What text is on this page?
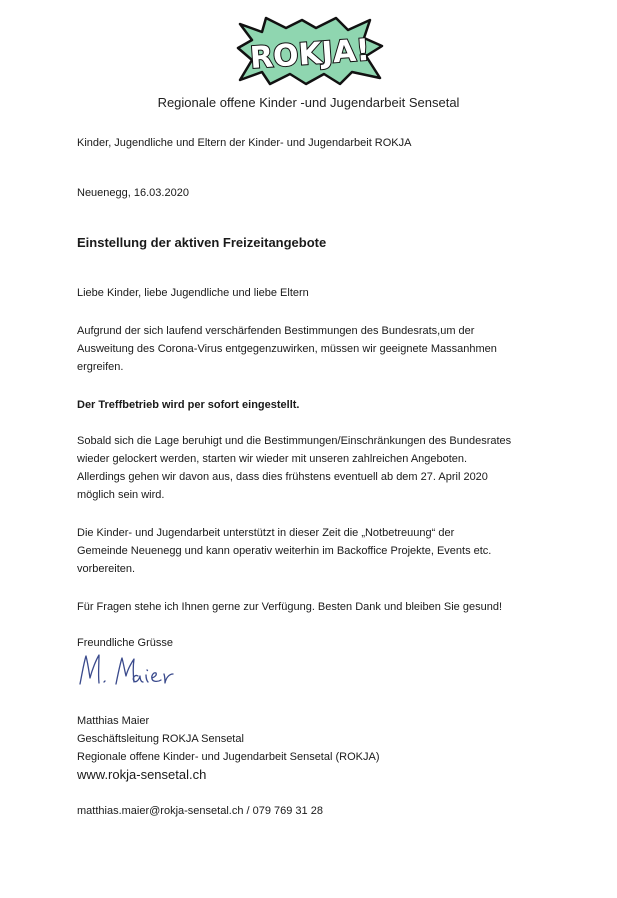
ROKJA!
Regionale offene Kinder -und Jugendarbeit Sensetal
Kinder, Jugendliche und Eltern der Kinder- und Jugendarbeit ROKJA
Neuenegg, 16.03.2020
Einstellung der aktiven Freizeitangebote
Liebe Kinder, liebe Jugendliche und liebe Eltern
Aufgrund der sich laufend verschärfenden Bestimmungen des Bundesrats,um der
Ausweitung des Corona-Virus entgegenzuwirken, müssen wir geeignete Massanhmen
ergreifen.
Der Treffbetrieb wird per sofort eingestellt.
Sobald sich die Lage beruhigt und die Bestimmungen/Einschränkungen des Bundesrates
wieder gelockert werden, starten wir wieder mit unseren zahlreichen Angeboten.
Allerdings gehen wir davon aus, dass dies frühstens eventuell ab dem 27. April 2020
möglich sein wird.
Die Kinder- und Jugendarbeit unterstützt in dieser Zeit die „Notbetreuung“ der
Gemeinde Neuenegg und kann operativ weiterhin im Backoffice Projekte, Events etc.
vorbereiten.
Für Fragen stehe ich Ihnen gerne zur Verfügung. Besten Dank und bleiben Sie gesund!
Freundliche Grüsse
Matthias Maier
Geschäftsleitung ROKJA Sensetal
Regionale offene Kinder- und Jugendarbeit Sensetal (ROKJA)
www.rokja-sensetal.ch
matthias.maier@rokja-sensetal.ch / 079 769 31 28
